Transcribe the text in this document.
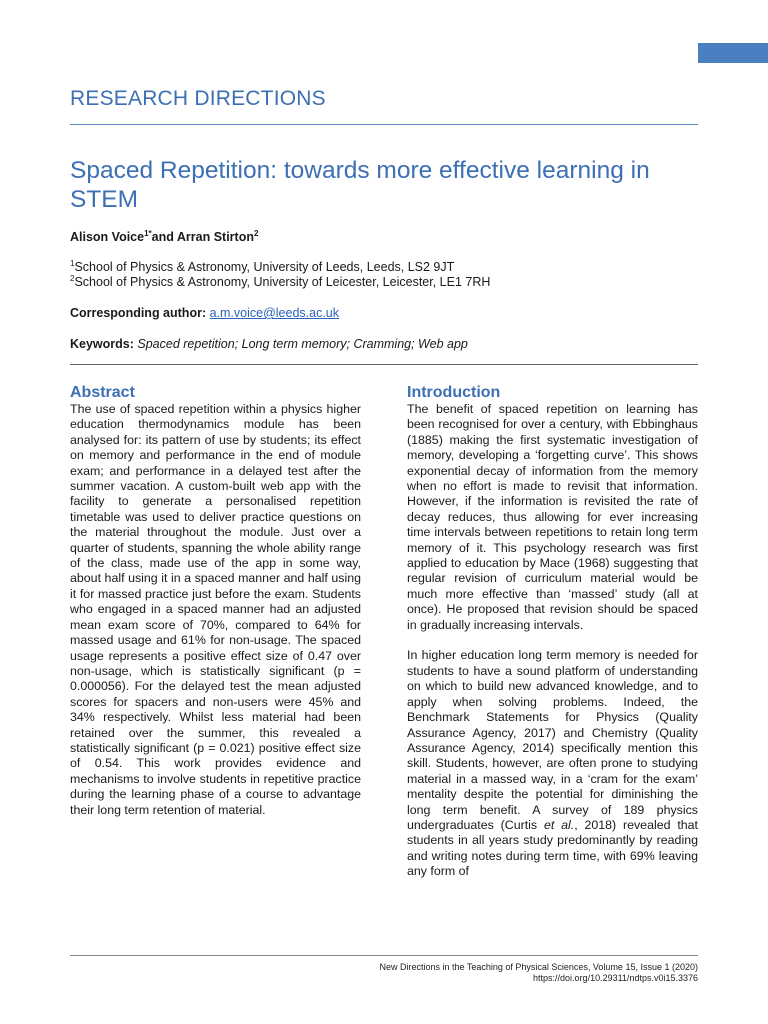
RESEARCH DIRECTIONS
Spaced Repetition: towards more effective learning in STEM
Alison Voice$^{1*}$and Arran Stirton$^2$
$^1$School of Physics & Astronomy, University of Leeds, Leeds, LS2 9JT
$^2$School of Physics & Astronomy, University of Leicester, Leicester, LE1 7RH
Corresponding author: a.m.voice@leeds.ac.uk
Keywords: Spaced repetition; Long term memory; Cramming; Web app
Abstract

The use of spaced repetition within a physics higher education thermodynamics module has been analysed for: its pattern of use by students; its effect on memory and performance in the end of module exam; and performance in a delayed test after the summer vacation. A custom-built web app with the facility to generate a personalised repetition timetable was used to deliver practice questions on the material throughout the module. Just over a quarter of students, spanning the whole ability range of the class, made use of the app in some way, about half using it in a spaced manner and half using it for massed practice just before the exam. Students who engaged in a spaced manner had an adjusted mean exam score of 70%, compared to 64% for massed usage and 61% for non-usage. The spaced usage represents a positive effect size of 0.47 over non-usage, which is statistically significant (p = 0.000056). For the delayed test the mean adjusted scores for spacers and non-users were 45% and 34% respectively. Whilst less material had been retained over the summer, this revealed a statistically significant (p = 0.021) positive effect size of 0.54. This work provides evidence and mechanisms to involve students in repetitive practice during the learning phase of a course to advantage their long term retention of material.

Introduction

The benefit of spaced repetition on learning has been recognised for over a century, with Ebbinghaus (1885) making the first systematic investigation of memory, developing a ‘forgetting curve’. This shows exponential decay of information from the memory when no effort is made to revisit that information. However, if the information is revisited the rate of decay reduces, thus allowing for ever increasing time intervals between repetitions to retain long term memory of it. This psychology research was first applied to education by Mace (1968) suggesting that regular revision of curriculum material would be much more effective than ‘massed’ study (all at once). He proposed that revision should be spaced in gradually increasing intervals.

In higher education long term memory is needed for students to have a sound platform of understanding on which to build new advanced knowledge, and to apply when solving problems. Indeed, the Benchmark Statements for Physics (Quality Assurance Agency, 2017) and Chemistry (Quality Assurance Agency, 2014) specifically mention this skill. Students, however, are often prone to studying material in a massed way, in a ‘cram for the exam’ mentality despite the potential for diminishing the long term benefit. A survey of 189 physics undergraduates (Curtis et al., 2018) revealed that students in all years study predominantly by reading and writing notes during term time, with 69% leaving any form of

New Directions in the Teaching of Physical Sciences, Volume 15, Issue 1 (2020)
https://doi.org/10.29311/ndtps.v0i15.3376
